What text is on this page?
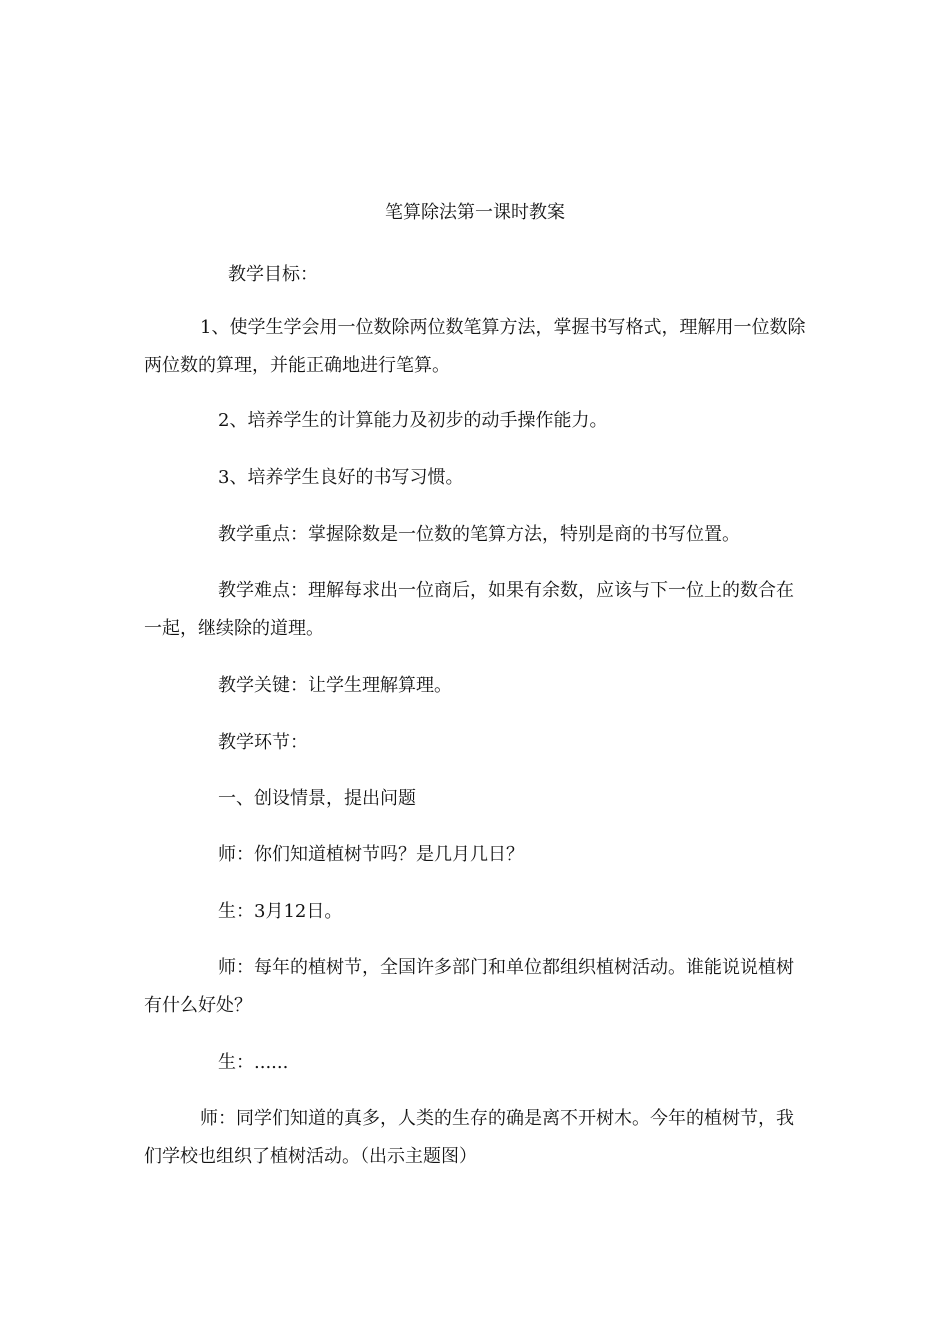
笔算除法第一课时教案

教学目标：

1、使学生学会用一位数除两位数笔算方法，掌握书写格式，理解用一位数除两位数的算理，并能正确地进行笔算。

2、培养学生的计算能力及初步的动手操作能力。

3、培养学生良好的书写习惯。

教学重点：掌握除数是一位数的笔算方法，特别是商的书写位置。

教学难点：理解每求出一位商后，如果有余数，应该与下一位上的数合在一起，继续除的道理。

教学关键：让学生理解算理。

教学环节：

一、创设情景，提出问题

师：你们知道植树节吗？是几月几日？

生：3月12日。

师：每年的植树节，全国许多部门和单位都组织植树活动。谁能说说植树有什么好处？

生：......

师：同学们知道的真多，人类的生存的确是离不开树木。今年的植树节，我们学校也组织了植树活动。（出示主题图）
